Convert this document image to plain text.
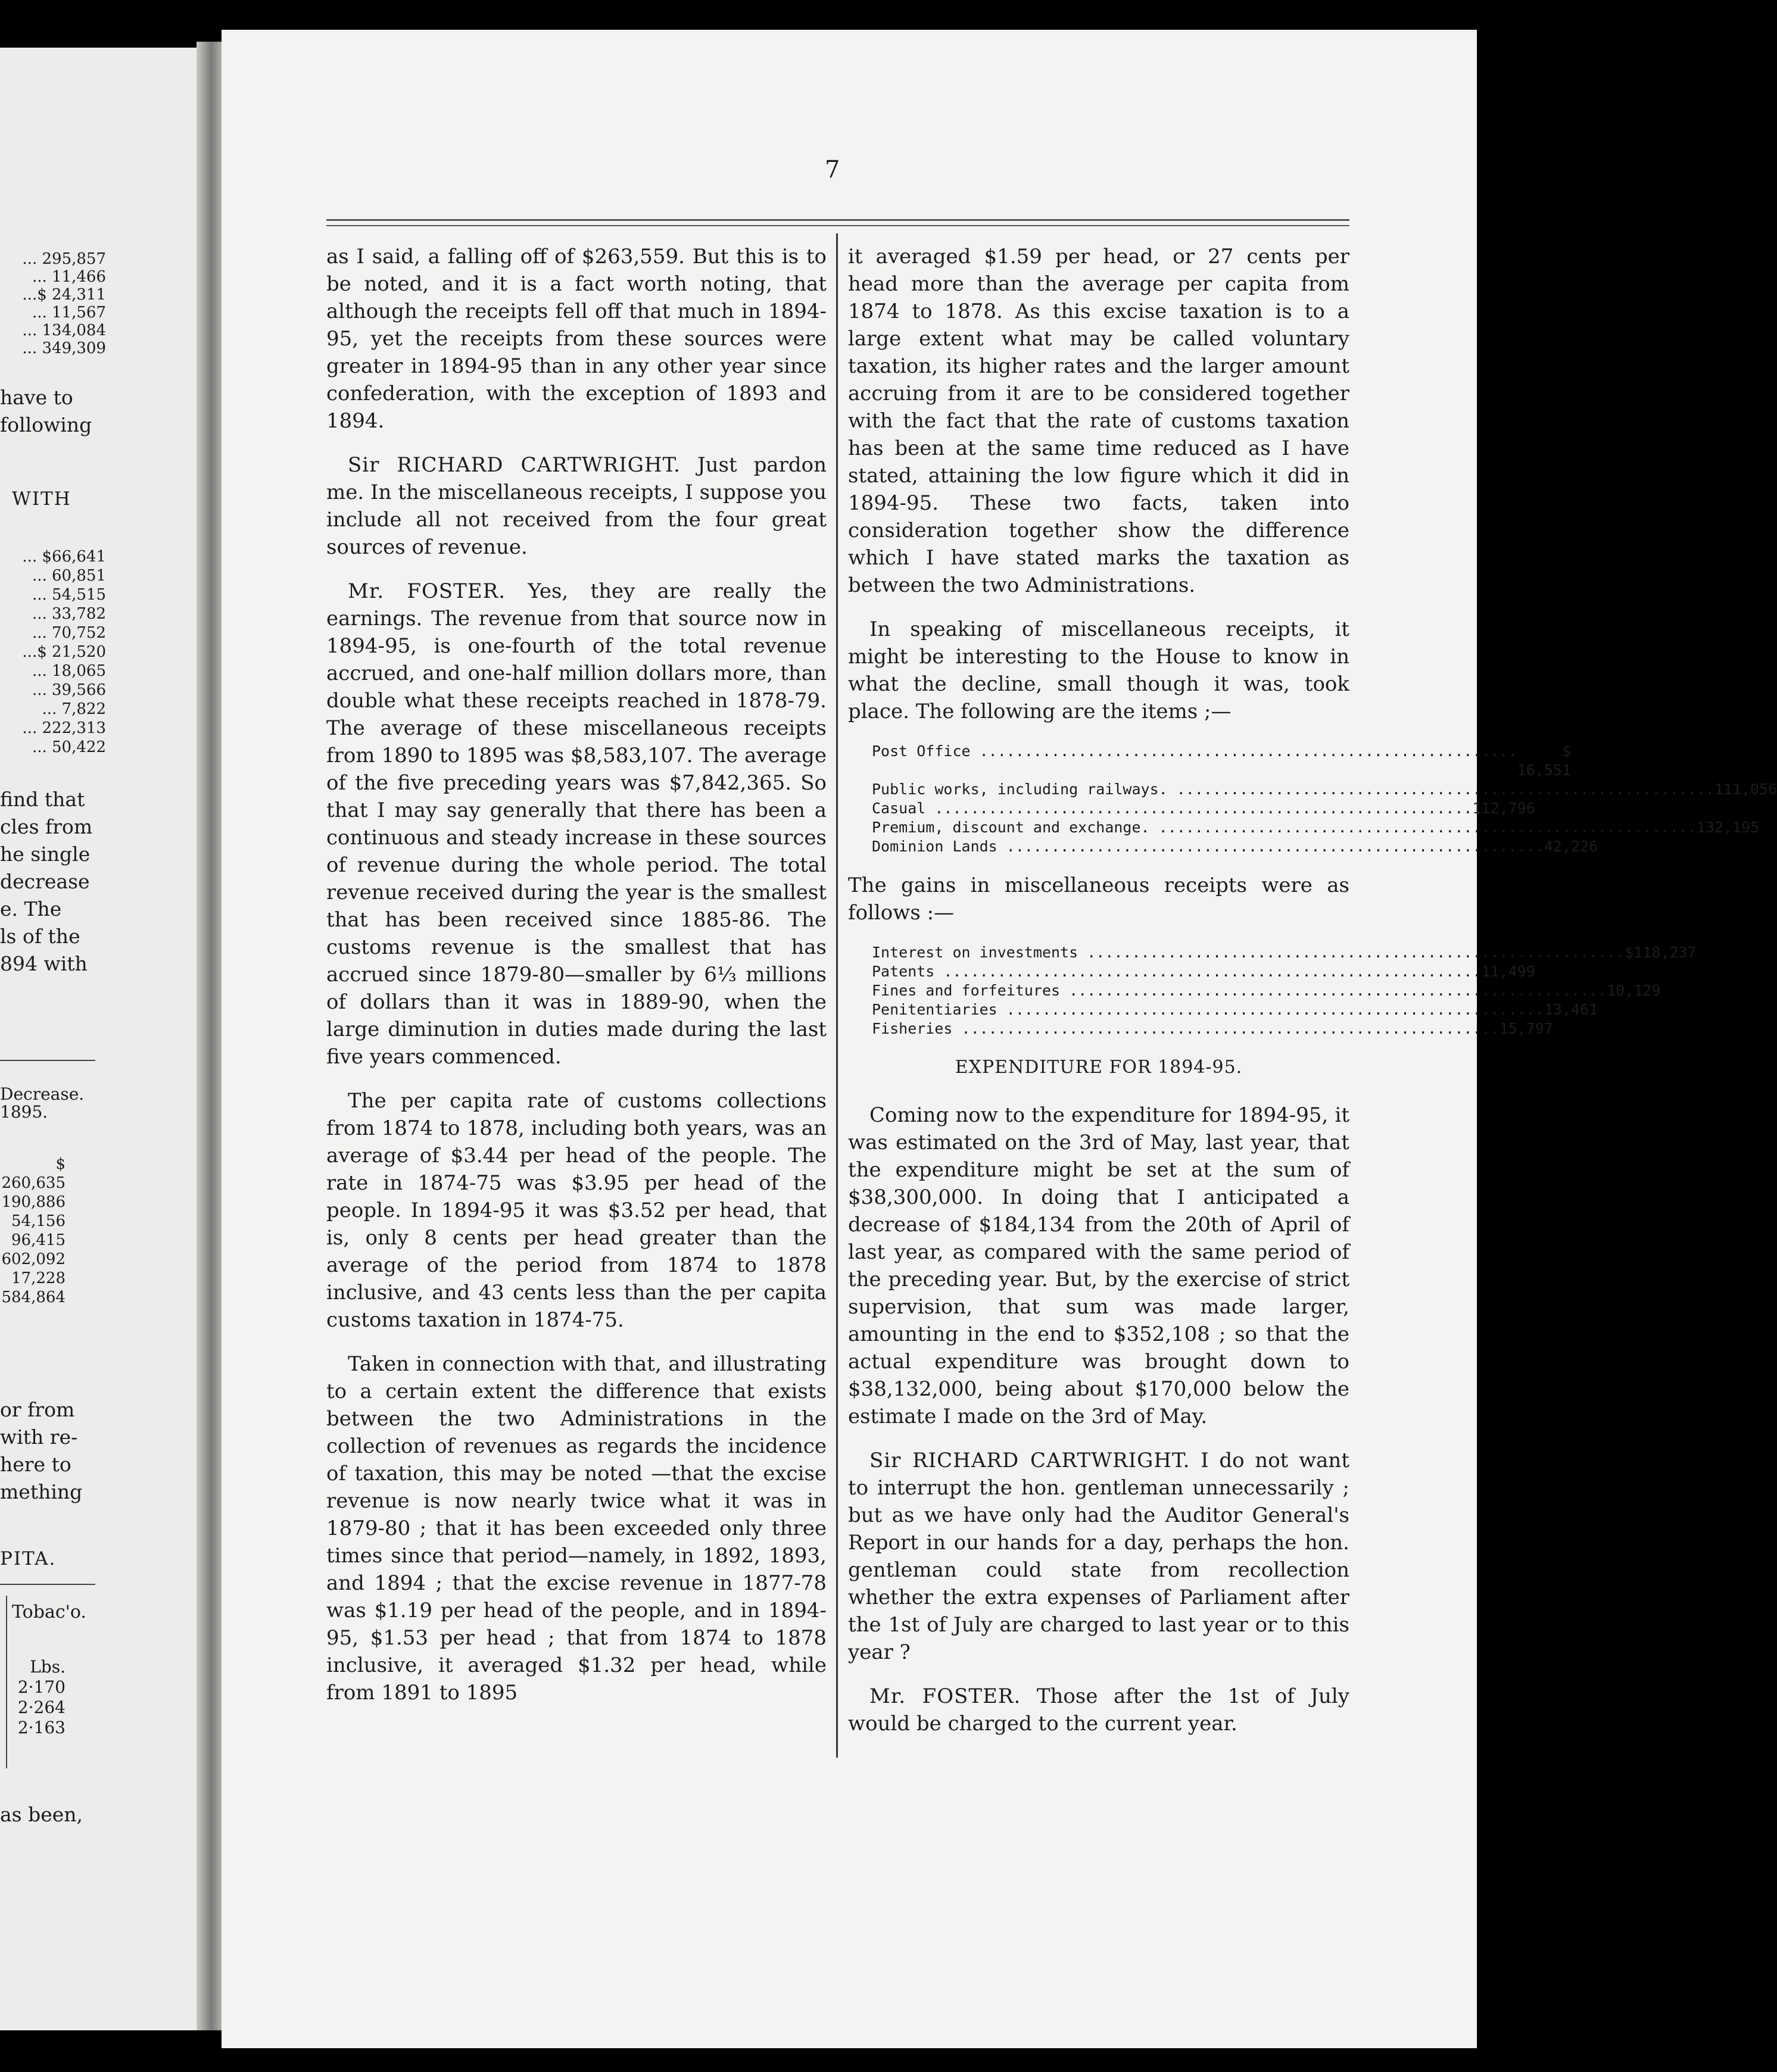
... 295,857
... 11,466
...$ 24,311
... 11,567
... 134,084
... 349,309
have to
following
WITH
... $66,641
... 60,851
... 54,515
... 33,782
... 70,752
...$ 21,520
... 18,065
... 39,566
... 7,822
... 222,313
... 50,422
find that
cles from
he single
decrease
e. The
ls of the
894 with
Decrease.
1895.
$
260,635
190,886
54,156
96,415
602,092
17,228
584,864
or from
with re-
here to
mething
PITA.
Tobac'o.
Lbs.
2·170
2·264
2·163
as been,
7

as I said, a falling off of $263,559. But this is to be noted, and it is a fact worth noting, that although the receipts fell off that much in 1894-95, yet the receipts from these sources were greater in 1894-95 than in any other year since confederation, with the exception of 1893 and 1894.

Sir RICHARD CARTWRIGHT. Just pardon me. In the miscellaneous receipts, I suppose you include all not received from the four great sources of revenue.

Mr. FOSTER. Yes, they are really the earnings. The revenue from that source now in 1894-95, is one-fourth of the total revenue accrued, and one-half million dollars more, than double what these receipts reached in 1878-79. The average of these miscellaneous receipts from 1890 to 1895 was $8,583,107. The average of the five preceding years was $7,842,365. So that I may say generally that there has been a continuous and steady increase in these sources of revenue during the whole period. The total revenue received during the year is the smallest that has been received since 1885-86. The customs revenue is the smallest that has accrued since 1879-80—smaller by 6⅓ millions of dollars than it was in 1889-90, when the large diminution in duties made during the last five years commenced.

The per capita rate of customs collections from 1874 to 1878, including both years, was an average of $3.44 per head of the people. The rate in 1874-75 was $3.95 per head of the people. In 1894-95 it was $3.52 per head, that is, only 8 cents per head greater than the average of the period from 1874 to 1878 inclusive, and 43 cents less than the per capita customs taxation in 1874-75.

Taken in connection with that, and illustrating to a certain extent the difference that exists between the two Administrations in the collection of revenues as regards the incidence of taxation, this may be noted —that the excise revenue is now nearly twice what it was in 1879-80 ; that it has been exceeded only three times since that period—namely, in 1892, 1893, and 1894 ; that the excise revenue in 1877-78 was $1.19 per head of the people, and in 1894-95, $1.53 per head ; that from 1874 to 1878 inclusive, it averaged $1.32 per head, while from 1891 to 1895

it averaged $1.59 per head, or 27 cents per head more than the average per capita from 1874 to 1878. As this excise taxation is to a large extent what may be called voluntary taxation, its higher rates and the larger amount accruing from it are to be considered together with the fact that the rate of customs taxation has been at the same time reduced as I have stated, attaining the low figure which it did in 1894-95. These two facts, taken into consideration together show the difference which I have stated marks the taxation as between the two Administrations.

In speaking of miscellaneous receipts, it might be interesting to the House to know in what the decline, small though it was, took place. The following are the items ;—

Post Office ............................................................	$ 16,551
Public works, including railways. ............................................................ 111,056
Casual ............................................................ 112,796
Premium, discount and exchange. ............................................................ 132,195
Dominion Lands ............................................................ 42,226

The gains in miscellaneous receipts were as follows :—

Interest on investments ............................................................ $118,237
Patents ............................................................ 11,499
Fines and forfeitures ............................................................ 10,129
Penitentiaries ............................................................ 13,461
Fisheries ............................................................ 15,797
EXPENDITURE FOR 1894-95.

Coming now to the expenditure for 1894-95, it was estimated on the 3rd of May, last year, that the expenditure might be set at the sum of $38,300,000. In doing that I anticipated a decrease of $184,134 from the 20th of April of last year, as compared with the same period of the preceding year. But, by the exercise of strict supervision, that sum was made larger, amounting in the end to $352,108 ; so that the actual expenditure was brought down to $38,132,000, being about $170,000 below the estimate I made on the 3rd of May.

Sir RICHARD CARTWRIGHT. I do not want to interrupt the hon. gentleman unnecessarily ; but as we have only had the Auditor General's Report in our hands for a day, perhaps the hon. gentleman could state from recollection whether the extra expenses of Parliament after the 1st of July are charged to last year or to this year ?

Mr. FOSTER. Those after the 1st of July would be charged to the current year.
